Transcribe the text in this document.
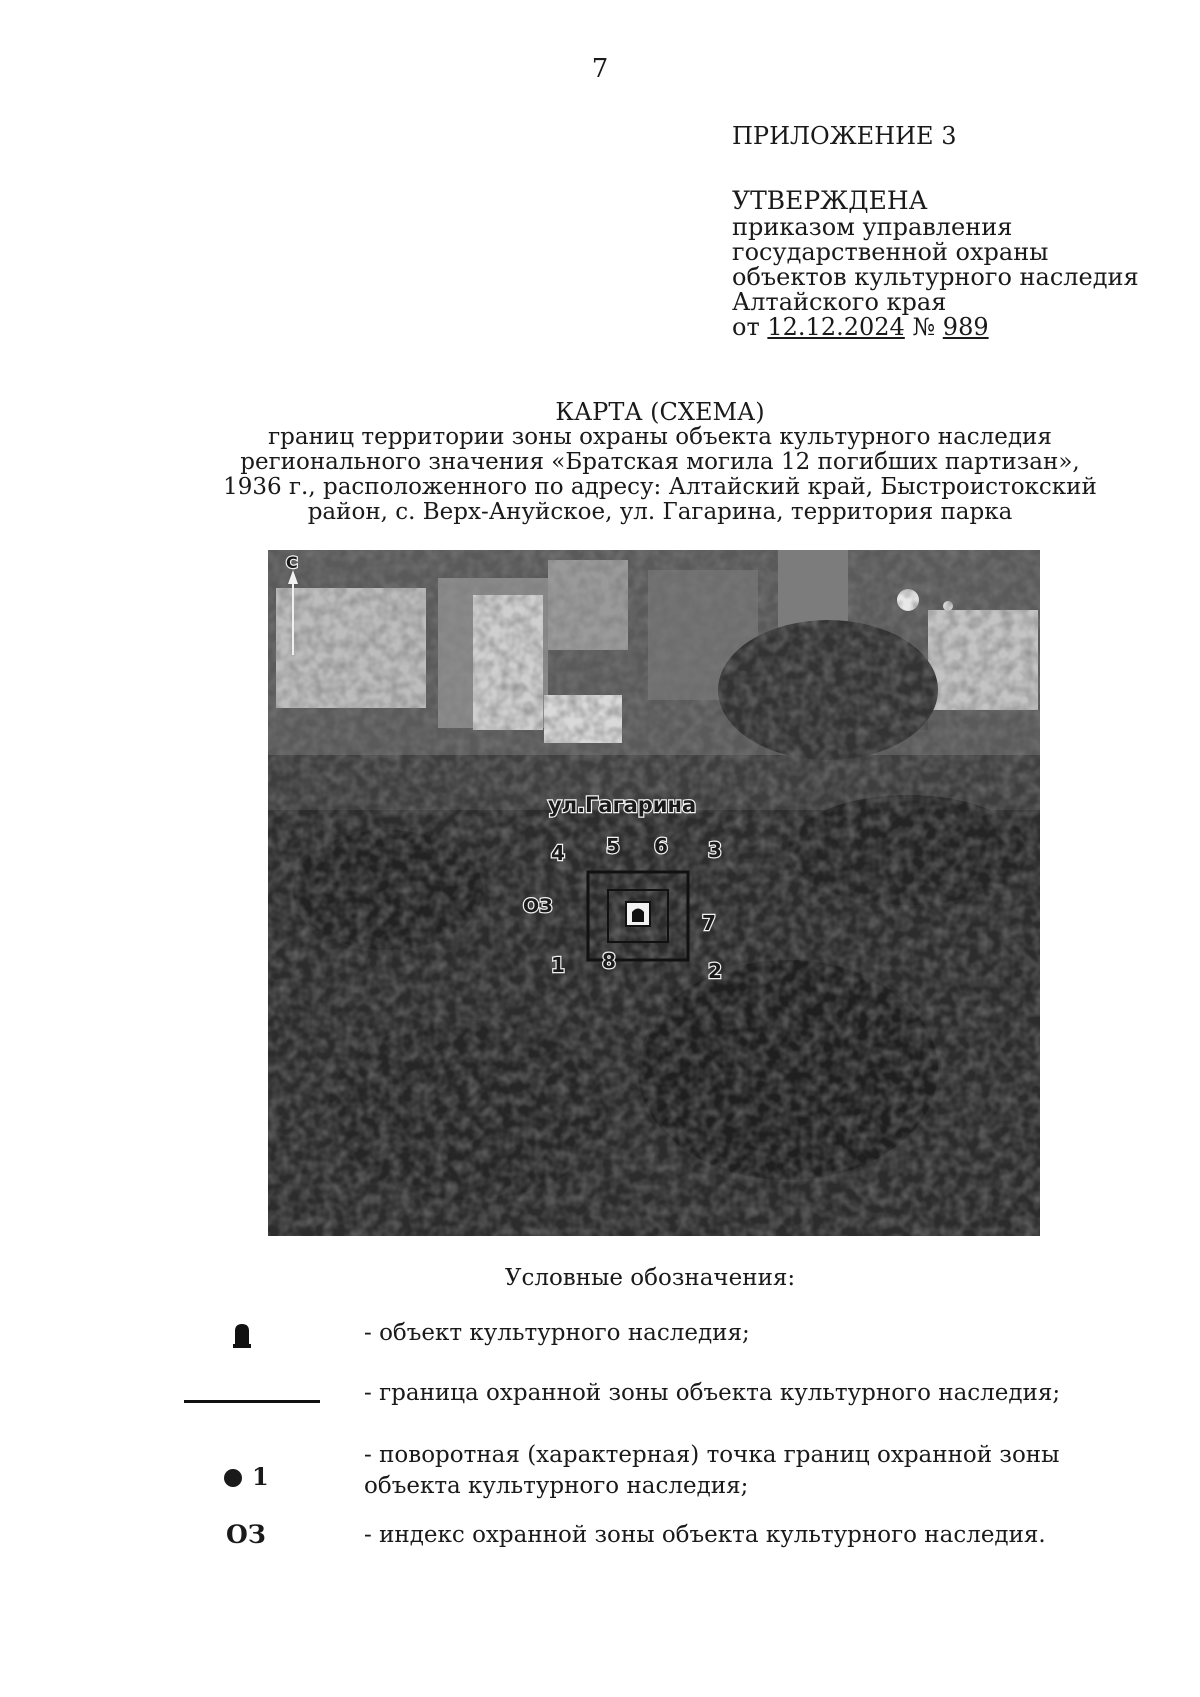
7
ПРИЛОЖЕНИЕ 3
УТВЕРЖДЕНА
приказом управления
государственной охраны
объектов культурного наследия
Алтайского края
от 12.12.2024 № 989
КАРТА (СХЕМА)
границ территории зоны охраны объекта культурного наследия
регионального значения «Братская могила 12 погибших партизан»,
1936 г., расположенного по адресу: Алтайский край, Быстроистокский
район, с. Верх-Ануйское, ул. Гагарина, территория парка
С
ул.Гагарина
ОЗ
1	2
3
4 5 6
7
8
Условные обозначения:
- объект культурного наследия;
- граница охранной зоны объекта культурного наследия;
1
- поворотная (характерная) точка границ охранной зоны
объекта культурного наследия;
ОЗ	- индекс охранной зоны объекта культурного наследия.
